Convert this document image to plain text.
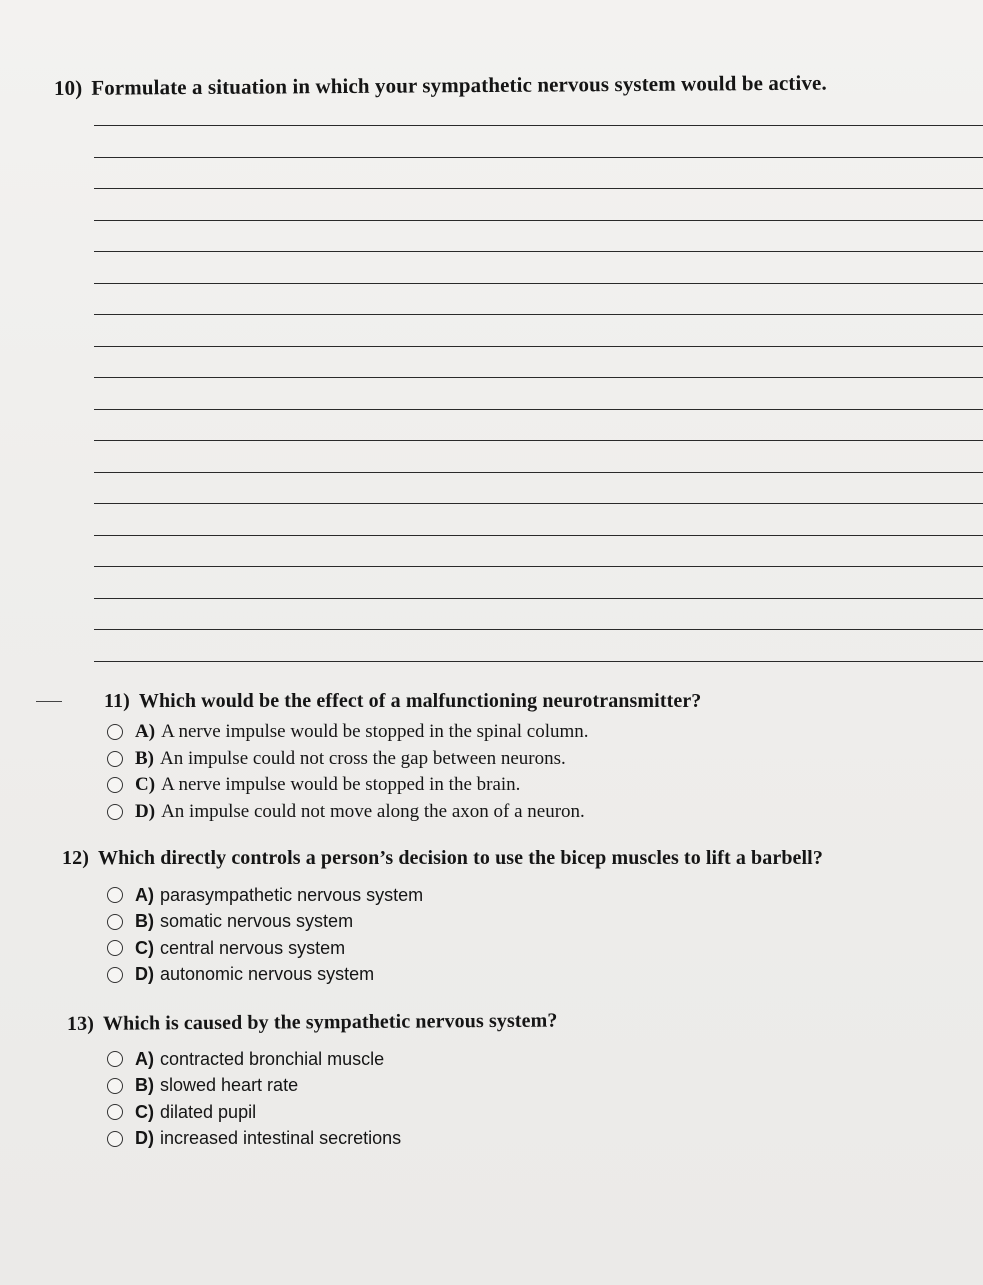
10) Formulate a situation in which your sympathetic nervous system would be active.
11) Which would be the effect of a malfunctioning neurotransmitter?
A) A nerve impulse would be stopped in the spinal column.
B) An impulse could not cross the gap between neurons.
C) A nerve impulse would be stopped in the brain.
D) An impulse could not move along the axon of a neuron.
12) Which directly controls a person’s decision to use the bicep muscles to lift a barbell?
A) parasympathetic nervous system
B) somatic nervous system
C) central nervous system
D) autonomic nervous system
13) Which is caused by the sympathetic nervous system?
A) contracted bronchial muscle
B) slowed heart rate
C) dilated pupil
D) increased intestinal secretions
